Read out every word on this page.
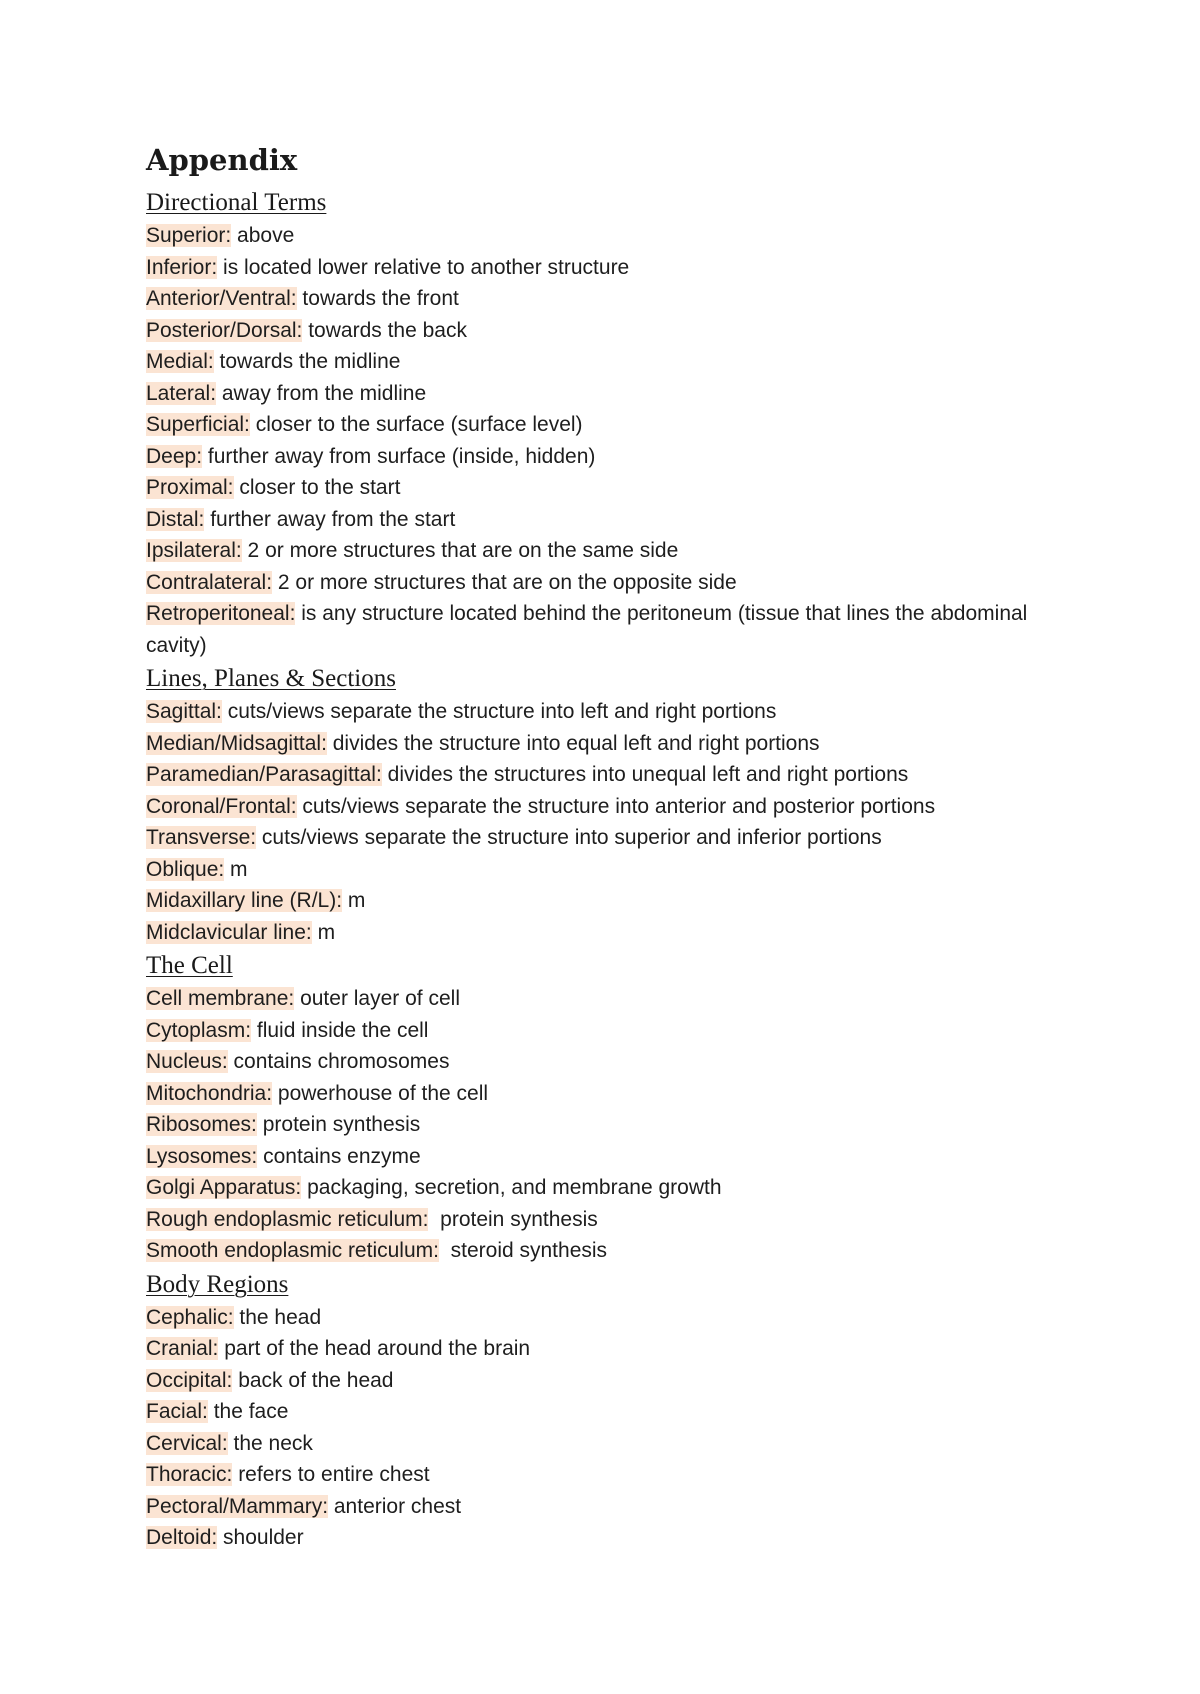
Appendix
Directional Terms
Superior: above
Inferior: is located lower relative to another structure
Anterior/Ventral: towards the front
Posterior/Dorsal: towards the back
Medial: towards the midline
Lateral: away from the midline
Superficial: closer to the surface (surface level)
Deep: further away from surface (inside, hidden)
Proximal: closer to the start
Distal: further away from the start
Ipsilateral: 2 or more structures that are on the same side
Contralateral: 2 or more structures that are on the opposite side
Retroperitoneal: is any structure located behind the peritoneum (tissue that lines the abdominal cavity)
Lines, Planes & Sections
Sagittal: cuts/views separate the structure into left and right portions
Median/Midsagittal: divides the structure into equal left and right portions
Paramedian/Parasagittal: divides the structures into unequal left and right portions
Coronal/Frontal: cuts/views separate the structure into anterior and posterior portions
Transverse: cuts/views separate the structure into superior and inferior portions
Oblique: m
Midaxillary line (R/L): m
Midclavicular line: m
The Cell
Cell membrane: outer layer of cell
Cytoplasm: fluid inside the cell
Nucleus: contains chromosomes
Mitochondria: powerhouse of the cell
Ribosomes: protein synthesis
Lysosomes: contains enzyme
Golgi Apparatus: packaging, secretion, and membrane growth
Rough endoplasmic reticulum:  protein synthesis
Smooth endoplasmic reticulum:  steroid synthesis
Body Regions
Cephalic: the head
Cranial: part of the head around the brain
Occipital: back of the head
Facial: the face
Cervical: the neck
Thoracic: refers to entire chest
Pectoral/Mammary: anterior chest
Deltoid: shoulder
